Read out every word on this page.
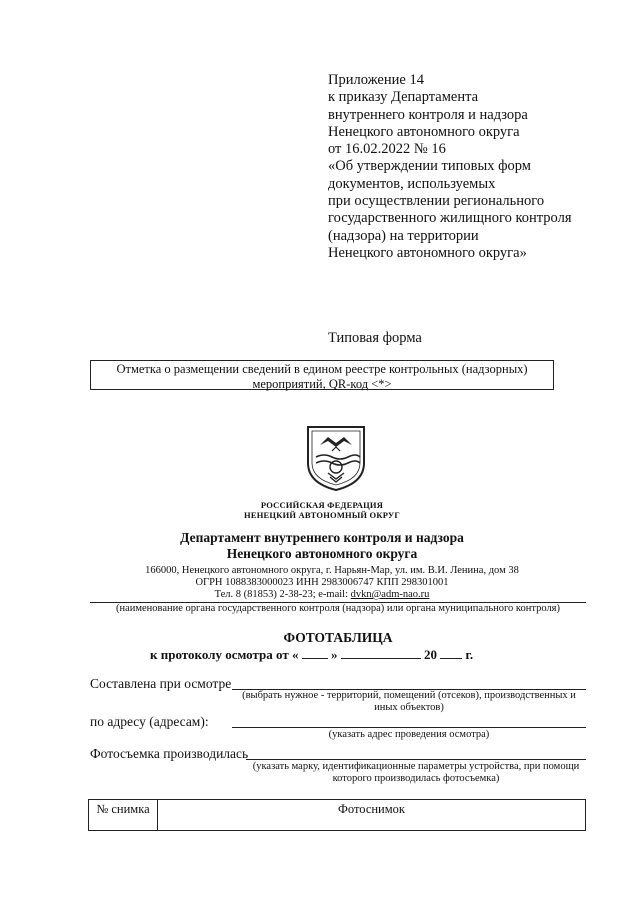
Приложение 14
к приказу Департамента
внутреннего контроля и надзора
Ненецкого автономного округа
от 16.02.2022 № 16
«Об утверждении типовых форм
документов, используемых
при осуществлении регионального
государственного жилищного контроля
(надзора) на территории
Ненецкого автономного округа»
Типовая форма
Отметка о размещении сведений в едином реестре контрольных (надзорных)
мероприятий, QR-код <*>
РОССИЙСКАЯ ФЕДЕРАЦИЯ
НЕНЕЦКИЙ АВТОНОМНЫЙ ОКРУГ
Департамент внутреннего контроля и надзора
Ненецкого автономного округа
166000, Ненецкого автономного округа, г. Нарьян-Мар, ул. им. В.И. Ленина, дом 38
ОГРН 1088383000023 ИНН 2983006747 КПП 298301001
Тел. 8 (81853) 2-38-23; e-mail: dvkn@adm-nao.ru
(наименование органа государственного контроля (надзора) или органа муниципального контроля)
ФОТОТАБЛИЦА
к протоколу осмотра от «	»	20 г.
Составлена при осмотре
(выбрать нужное - территорий, помещений (отсеков), производственных и иных объектов)
по адресу (адресам):
(указать адрес проведения осмотра)
Фотосъемка производилась
(указать марку, идентификационные параметры устройства, при помощи которого производилась фотосъемка)
№ снимка	Фотоснимок
